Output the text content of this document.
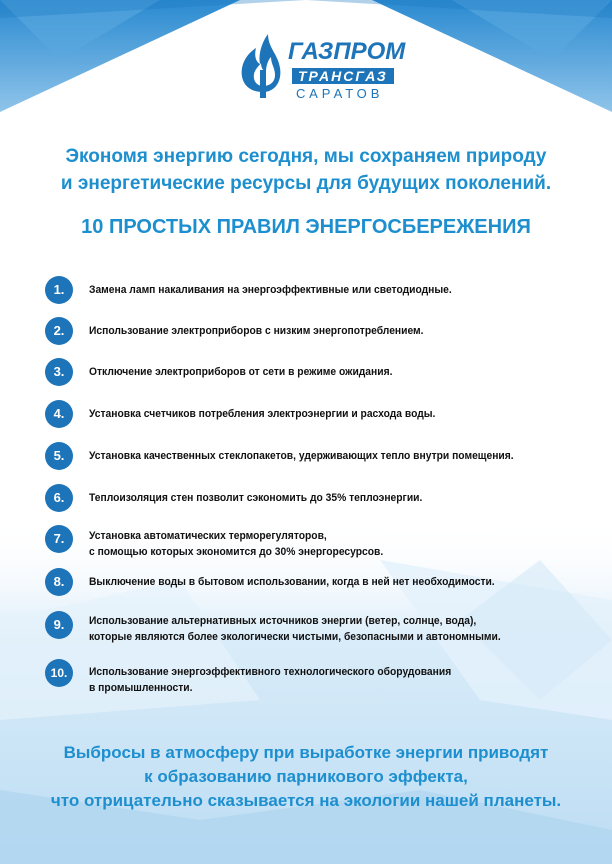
ГАЗПРОМ
ТРАНСГАЗ
САРАТОВ
Экономя энергию сегодня, мы сохраняем природу
и энергетические ресурсы для будущих поколений.
10 ПРОСТЫХ ПРАВИЛ ЭНЕРГОСБЕРЕЖЕНИЯ
1.	Замена ламп накаливания на энергоэффективные или светодиодные.
2.	Использование электроприборов с низким энергопотреблением.
3.	Отключение электроприборов от сети в режиме ожидания.
4.	Установка счетчиков потребления электроэнергии и расхода воды.
5.	Установка качественных стеклопакетов, удерживающих тепло внутри помещения.
6.	Теплоизоляция стен позволит сэкономить до 35% теплоэнергии.
7.	Установка автоматических терморегуляторов,
с помощью которых экономится до 30% энергоресурсов.
8.	Выключение воды в бытовом использовании, когда в ней нет необходимости.
9.	Использование альтернативных источников энергии (ветер, солнце, вода),
которые являются более экологически чистыми, безопасными и автономными.
10.	Использование энергоэффективного технологического оборудования
в промышленности.
Выбросы в атмосферу при выработке энергии приводят
к образованию парникового эффекта,
что отрицательно сказывается на экологии нашей планеты.
